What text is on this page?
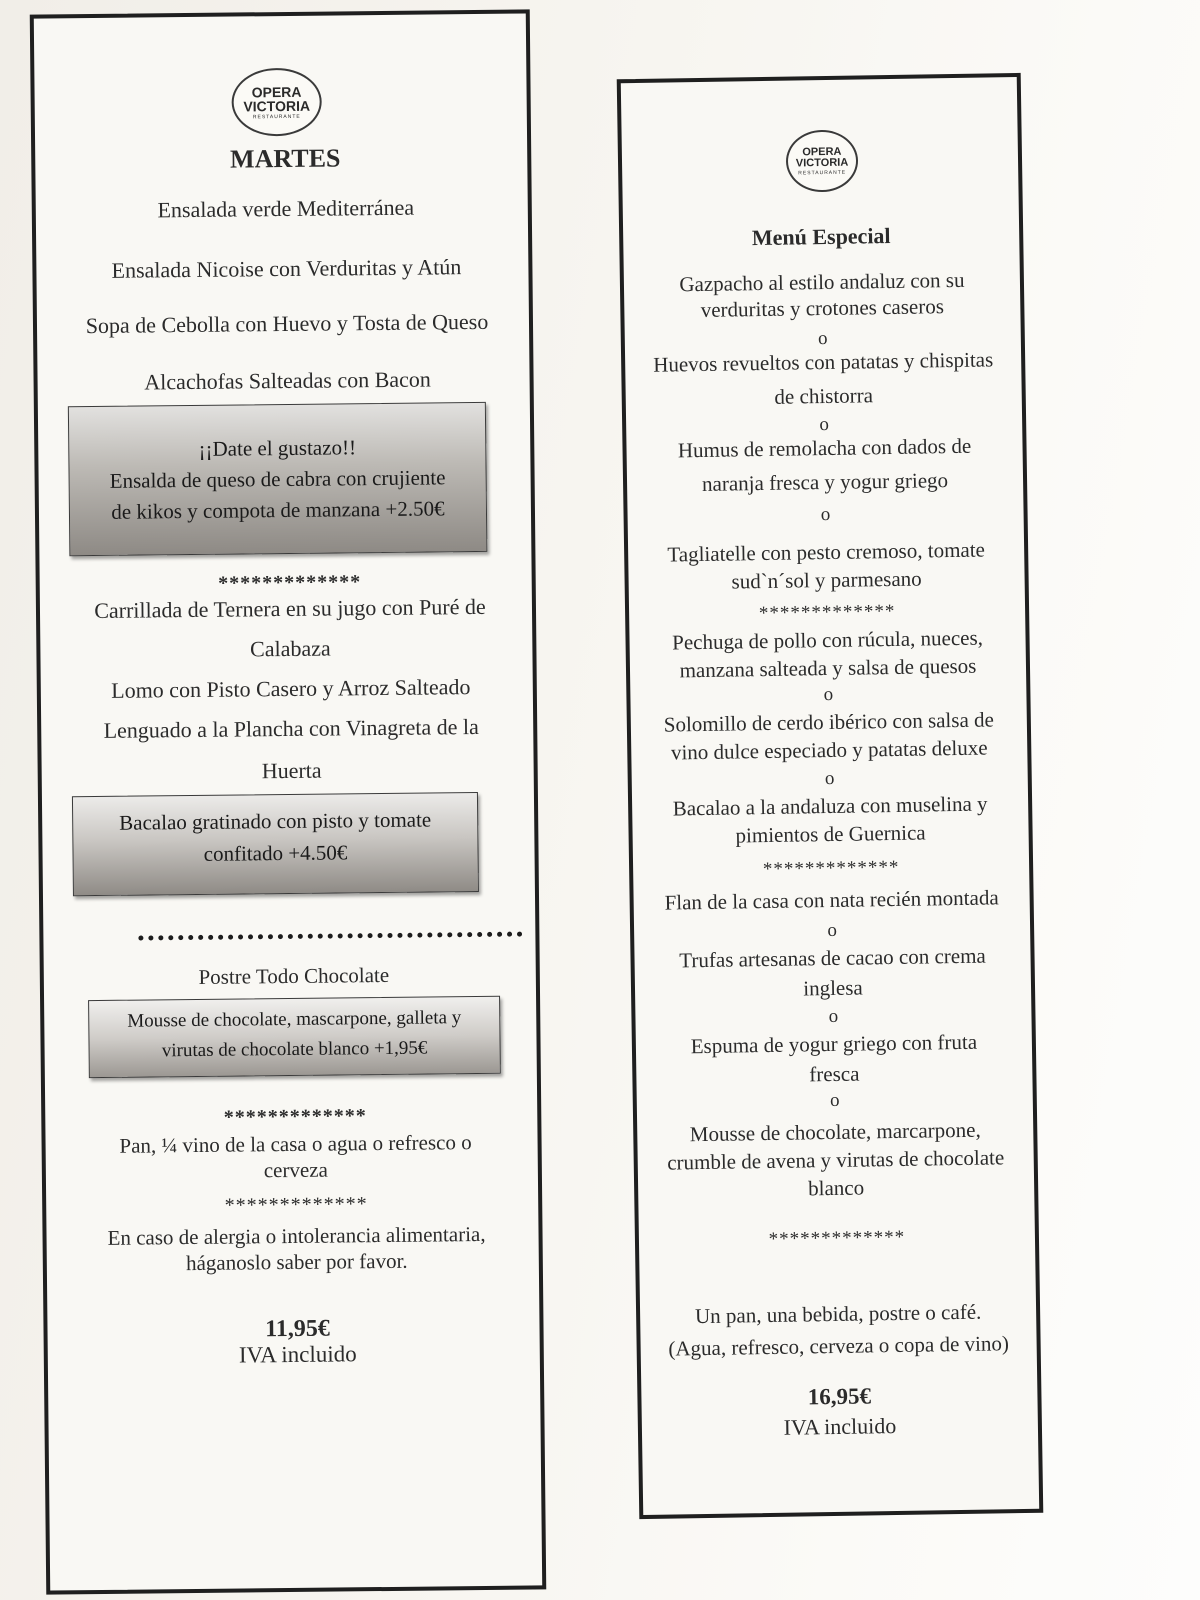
OPERA
VICTORIA
RESTAURANTE
MARTES
Ensalada verde Mediterránea
Ensalada Nicoise con Verduritas y Atún
Sopa de Cebolla con Huevo y Tosta de Queso
Alcachofas Salteadas con Bacon
¡¡Date el gustazo!!
Ensalda de queso de cabra con crujiente
de kikos y compota de manzana +2.50€
*************
Carrillada de Ternera en su jugo con Puré de
Calabaza
Lomo con Pisto Casero y Arroz Salteado
Lenguado a la Plancha con Vinagreta de la
Huerta
Bacalao gratinado con pisto y tomate
confitado +4.50€
Postre Todo Chocolate
Mousse de chocolate, mascarpone, galleta y
virutas de chocolate blanco +1,95€
*************
Pan, ¼ vino de la casa o agua o refresco o
cerveza
*************
En caso de alergia o intolerancia alimentaria,
háganoslo saber por favor.
11,95€
IVA incluido
OPERA
VICTORIA
RESTAURANTE
Menú Especial
Gazpacho al estilo andaluz con su
verduritas y crotones caseros
o
Huevos revueltos con patatas y chispitas
de chistorra
o
Humus de remolacha con dados de
naranja fresca y yogur griego
o
Tagliatelle con pesto cremoso, tomate
sud`n´sol y parmesano
*************
Pechuga de pollo con rúcula, nueces,
manzana salteada y salsa de quesos
o
Solomillo de cerdo ibérico con salsa de
vino dulce especiado y patatas deluxe
o
Bacalao a la andaluza con muselina y
pimientos de Guernica
*************
Flan de la casa con nata recién montada
o
Trufas artesanas de cacao con crema
inglesa
o
Espuma de yogur griego con fruta
fresca
o
Mousse de chocolate, marcarpone,
crumble de avena y virutas de chocolate
blanco
*************
Un pan, una bebida, postre o café.
(Agua, refresco, cerveza o copa de vino)
16,95€
IVA incluido
